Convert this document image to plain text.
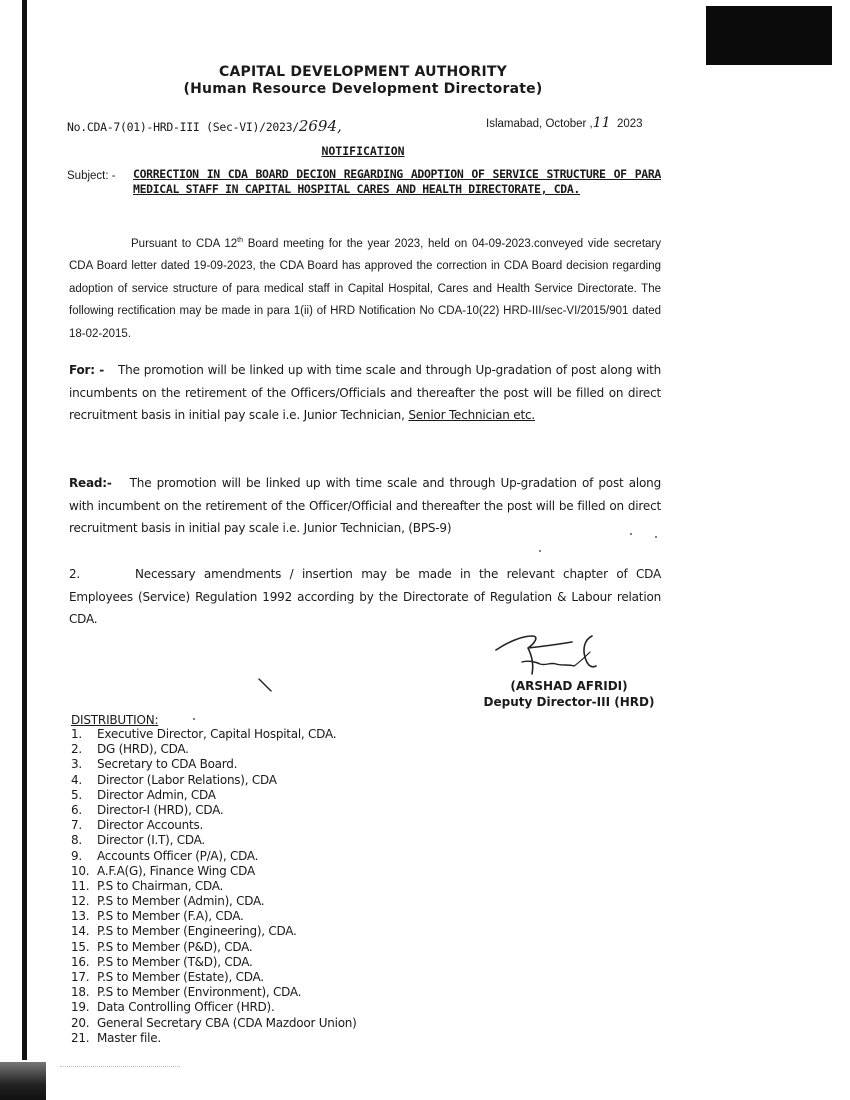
CAPITAL DEVELOPMENT AUTHORITY
(Human Resource Development Directorate)
No.CDA-7(01)-HRD-III (Sec-VI)/2023/2694,	Islamabad, October ,11 2023
NOTIFICATION
Subject: - CORRECTION IN CDA BOARD DECION REGARDING ADOPTION OF SERVICE STRUCTURE OF PARA MEDICAL STAFF IN CAPITAL HOSPITAL CARES AND HEALTH DIRECTORATE, CDA.
Pursuant to CDA 12th Board meeting for the year 2023, held on 04-09-2023.conveyed vide secretary CDA Board letter dated 19-09-2023, the CDA Board has approved the correction in CDA Board decision regarding adoption of service structure of para medical staff in Capital Hospital, Cares and Health Service Directorate. The following rectification may be made in para 1(ii) of HRD Notification No CDA-10(22) HRD-III/sec-VI/2015/901 dated 18-02-2015.
For: - The promotion will be linked up with time scale and through Up-gradation of post along with incumbents on the retirement of the Officers/Officials and thereafter the post will be filled on direct recruitment basis in initial pay scale i.e. Junior Technician, Senior Technician etc.
Read:- The promotion will be linked up with time scale and through Up-gradation of post along with incumbent on the retirement of the Officer/Official and thereafter the post will be filled on direct recruitment basis in initial pay scale i.e. Junior Technician, (BPS-9)
2.	Necessary amendments / insertion may be made in the relevant chapter of CDA Employees (Service) Regulation 1992 according by the Directorate of Regulation & Labour relation CDA.
(ARSHAD AFRIDI)
Deputy Director-III (HRD)
DISTRIBUTION:
1. Executive Director, Capital Hospital, CDA.
2. DG (HRD), CDA.
3. Secretary to CDA Board.
4. Director (Labor Relations), CDA
5. Director Admin, CDA
6. Director-I (HRD), CDA.
7. Director Accounts.
8. Director (I.T), CDA.
9. Accounts Officer (P/A), CDA.
10. A.F.A(G), Finance Wing CDA
11. P.S to Chairman, CDA.
12. P.S to Member (Admin), CDA.
13. P.S to Member (F.A), CDA.
14. P.S to Member (Engineering), CDA.
15. P.S to Member (P&D), CDA.
16. P.S to Member (T&D), CDA.
17. P.S to Member (Estate), CDA.
18. P.S to Member (Environment), CDA.
19. Data Controlling Officer (HRD).
20. General Secretary CBA (CDA Mazdoor Union)
21. Master file.
